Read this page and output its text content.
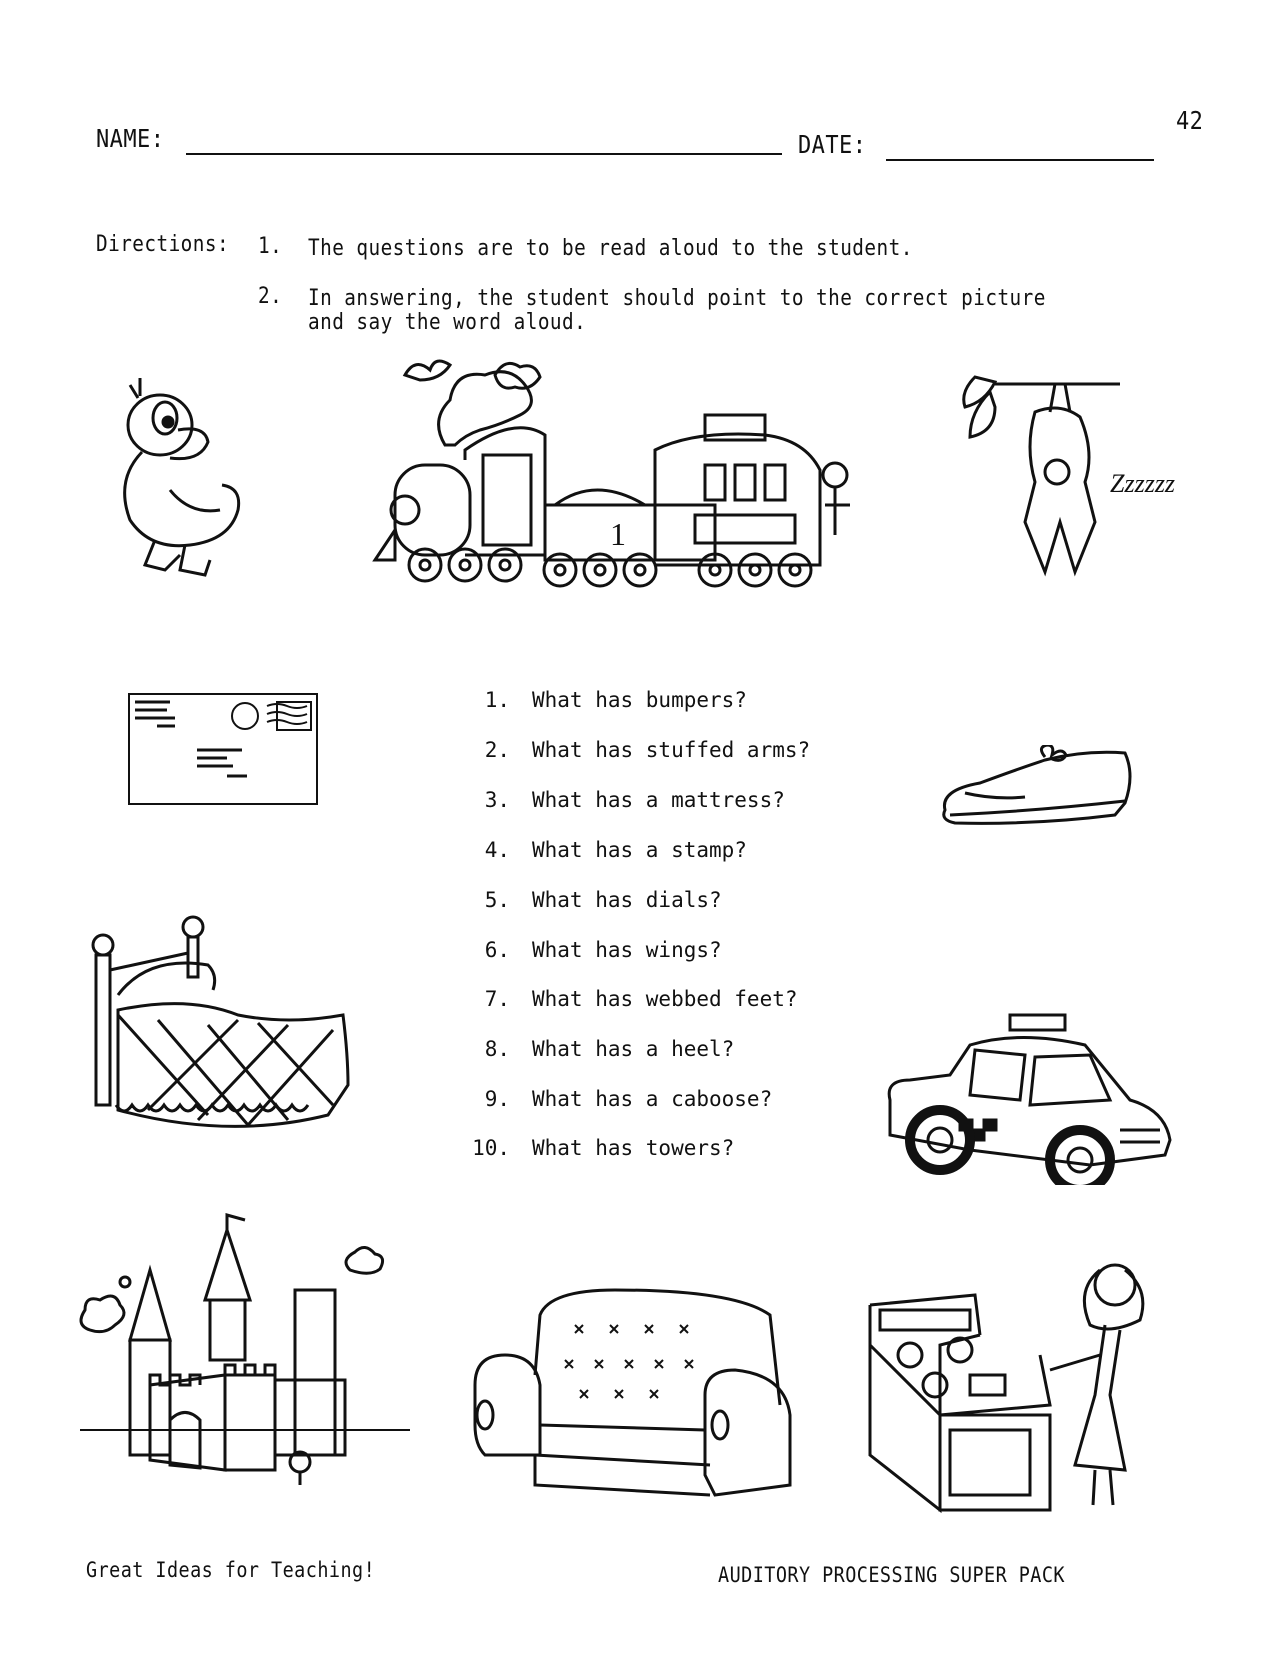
NAME:	DATE:
42
Directions: 1. The questions are to be read aloud to the student.
2. In answering, the student should point to the correct picture
and say the word aloud.
1
Zzzzzz
1. What has bumpers?
2. What has stuffed arms?
3. What has a mattress?
4. What has a stamp?
5. What has dials?
6. What has wings?
7. What has webbed feet?
8. What has a heel?
9. What has a caboose?
10. What has towers?
Great Ideas for Teaching!	AUDITORY PROCESSING SUPER PACK
